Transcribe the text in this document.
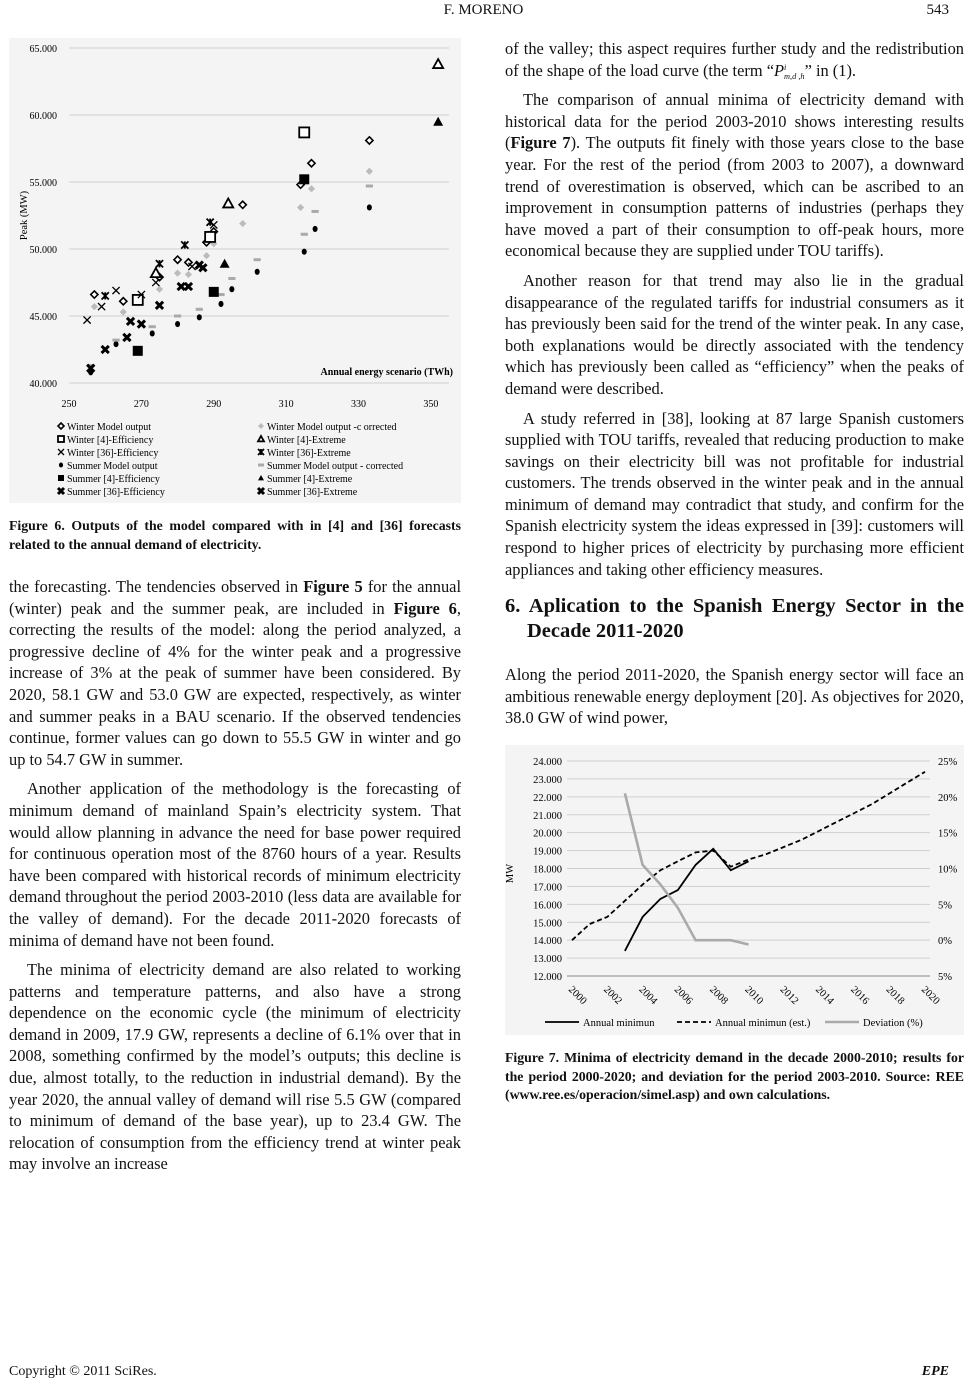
F. MORENO	543
40.000
45.000
50.000
55.000
60.000
65.000
250	270	290	310	330	350
Peak (MW)
Annual energy scenario (TWh)
Winter Model output	Winter Model output -c orrected
Winter [4]-Efficiency	Winter [4]-Extreme
Winter [36]-Efficiency	Winter [36]-Extreme
Summer Model output	Summer Model output - corrected
Summer [4]-Efficiency	Summer [4]-Extreme
Summer [36]-Efficiency	Summer [36]-Extreme

Figure 6. Outputs of the model compared with in [4] and [36] forecasts related to the annual demand of electricity.

the forecasting. The tendencies observed in Figure 5 for the annual (winter) peak and the summer peak, are included in Figure 6, correcting the results of the model: along the period analyzed, a progressive decline of 4% for the winter peak and a progressive increase of 3% at the peak of summer have been considered. By 2020, 58.1 GW and 53.0 GW are expected, respectively, as winter and summer peaks in a BAU scenario. If the observed tendencies continue, former values can go down to 55.5 GW in winter and go up to 54.7 GW in summer.

Another application of the methodology is the forecasting of minimum demand of mainland Spain’s electricity system. That would allow planning in advance the need for base power required for continuous operation most of the 8760 hours of a year. Results have been compared with historical records of minimum electricity demand throughout the period 2003-2010 (less data are available for the valley of demand). For the decade 2011-2020 forecasts of minima of demand have not been found.

The minima of electricity demand are also related to working patterns and temperature patterns, and also have a strong dependence on the economic cycle (the minimum of electricity demand in 2009, 17.9 GW, represents a decline of 6.1% over that in 2008, something confirmed by the model’s outputs; this decline is due, almost totally, to the reduction in industrial demand). By the year 2020, the annual valley of demand will rise 5.5 GW (compared to minimum of demand of the base year), up to 23.4 GW. The relocation of consumption from the efficiency trend at winter peak may involve an increase

of the valley; this aspect requires further study and the redistribution of the shape of the load curve (the term “P i
m,d ,h ” in (1).

The comparison of annual minima of electricity demand with historical data for the period 2003-2010 shows interesting results (Figure 7). The outputs fit finely with those years close to the base year. For the rest of the period (from 2003 to 2007), a downward trend of overestimation is observed, which can be ascribed to an improvement in consumption patterns of industries (perhaps they have moved a part of their consumption to off-peak hours, more economical because they are supplied under TOU tariffs).

Another reason for that trend may also lie in the gradual disappearance of the regulated tariffs for industrial consumers as it has previously been said for the trend of the winter peak. In any case, both explanations would be directly associated with the tendency which has previously been called as “efficiency” when the peaks of demand were described.

A study referred in [38], looking at 87 large Spanish customers supplied with TOU tariffs, revealed that reducing production to make savings on their electricity bill was not profitable for industrial customers. The trends observed in the winter peak and in the annual minimum of demand may contradict that study, and confirm for the Spanish electricity system the ideas expressed in [39]: customers will respond to higher prices of electricity by purchasing more efficient appliances and taking other efficiency measures.

6. Aplication to the Spanish Energy Sector in the Decade 2011-2020

Along the period 2011-2020, the Spanish energy sector will face an ambitious renewable energy deployment [20]. As objectives for 2020, 38.0 GW of wind power,

12.000
13.000
14.000
15.000
16.000
17.000
18.000
19.000
20.000
21.000
22.000
23.000
24.000
5%
0%
5%
10%
15%
20%
25%
2000 2002 2004 2006 2008 2010 2012 2014 2016 2018 2020
MW
Annual minimun	Annual minimun (est.)	Deviation (%)

Figure 7. Minima of electricity demand in the decade 2000-2010; results for the period 2000-2020; and deviation for the period 2003-2010. Source: REE (www.ree.es/operacion/simel.asp) and own calculations.

Copyright © 2011 SciRes.	EPE
